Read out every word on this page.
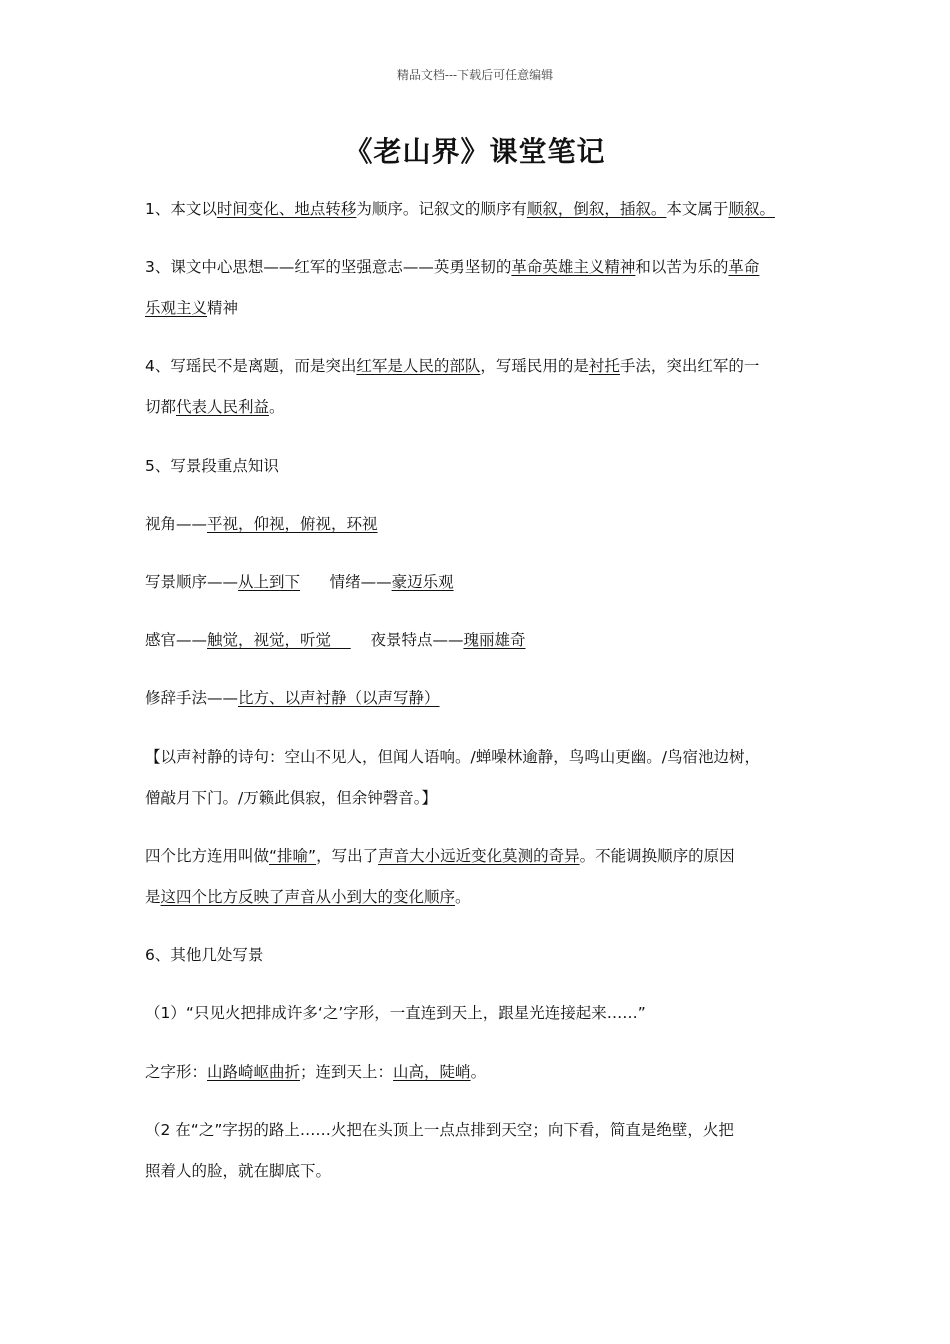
精品文档---下载后可任意编辑
《老山界》课堂笔记
1、本文以时间变化、地点转移为顺序。记叙文的顺序有顺叙，倒叙，插叙。本文属于顺叙。
3、课文中心思想——红军的坚强意志——英勇坚韧的革命英雄主义精神和以苦为乐的革命
乐观主义精神
4、写瑶民不是离题，而是突出红军是人民的部队，写瑶民用的是衬托手法，突出红军的一
切都代表人民利益。
5、写景段重点知识
视角——平视，仰视，俯视，环视
写景顺序——从上到下      情绪——豪迈乐观
感官——触觉，视觉，听觉        夜景特点——瑰丽雄奇
修辞手法——比方、以声衬静（以声写静）
【以声衬静的诗句：空山不见人，但闻人语响。/蝉噪林逾静，鸟鸣山更幽。/鸟宿池边树，
僧敲月下门。/万籁此俱寂，但余钟磬音。】
四个比方连用叫做“排喻”，写出了声音大小远近变化莫测的奇异。不能调换顺序的原因
是这四个比方反映了声音从小到大的变化顺序。
6、其他几处写景
（1）“只见火把排成许多‘之’字形，一直连到天上，跟星光连接起来……”
之字形：山路崎岖曲折；连到天上：山高，陡峭。
（2 在“之”字拐的路上……火把在头顶上一点点排到天空；向下看，简直是绝壁，火把
照着人的脸，就在脚底下。
